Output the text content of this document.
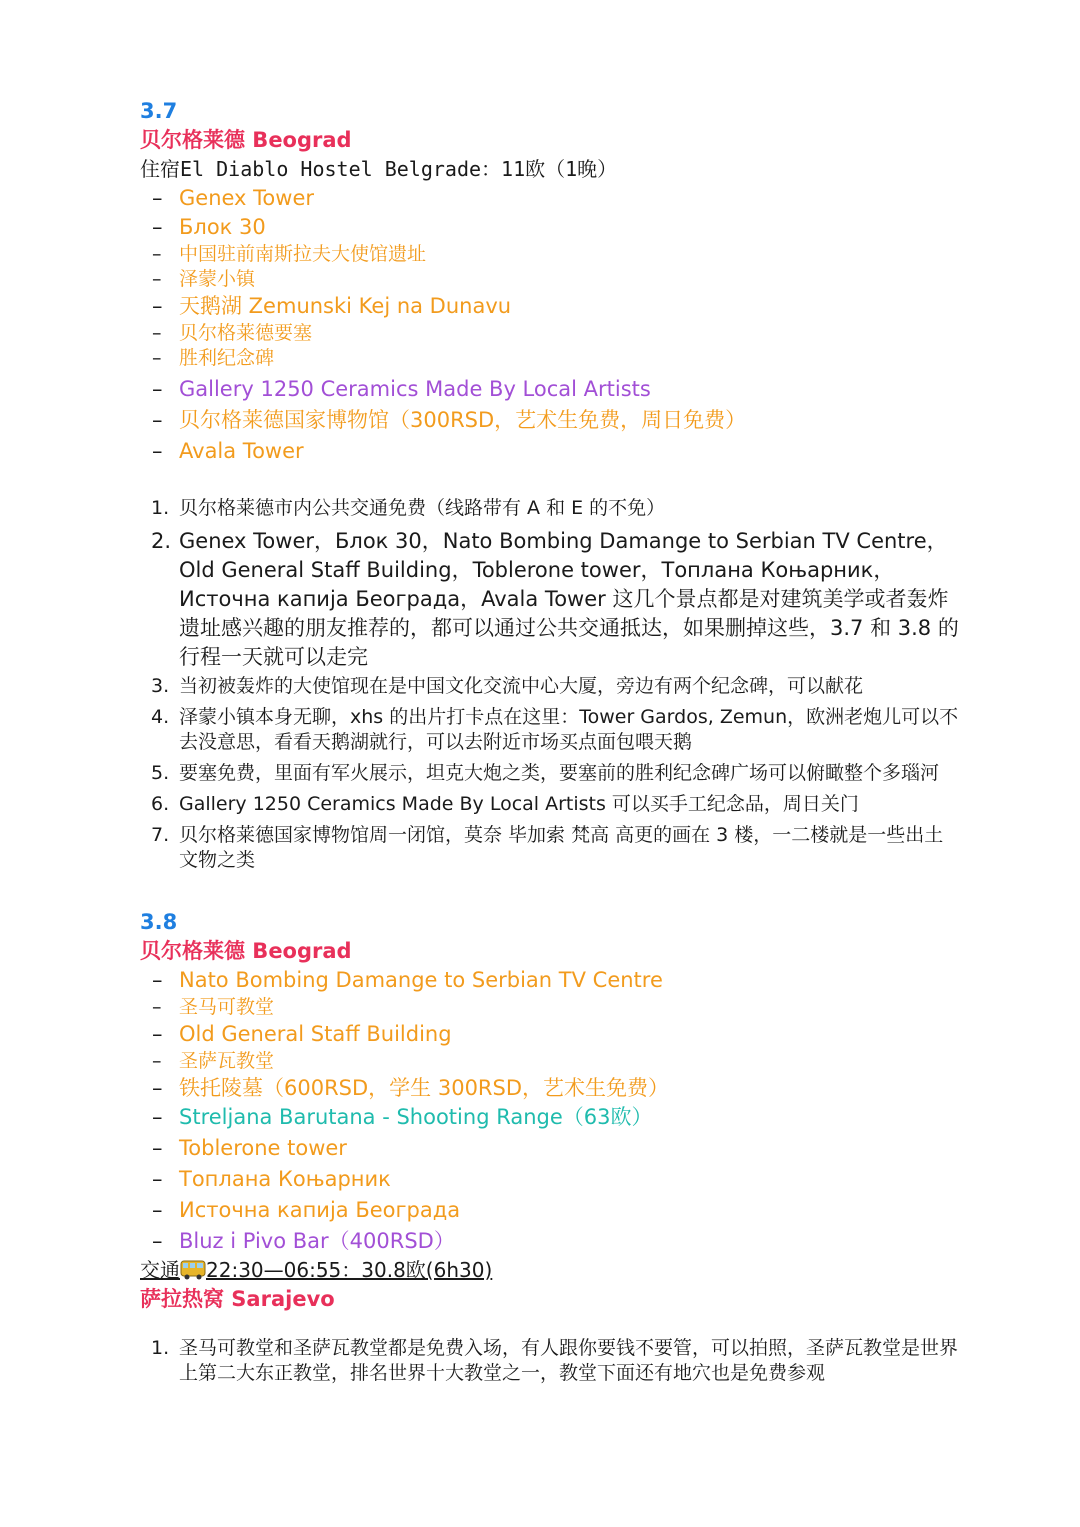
3.7
贝尔格莱德 Beograd
住宿El Diablo Hostel Belgrade：11欧（1晚）
– Genex Tower
– Блок 30
– 中国驻前南斯拉夫大使馆遗址
– 泽蒙小镇
– 天鹅湖 Zemunski Kej na Dunavu
– 贝尔格莱德要塞
– 胜利纪念碑
– Gallery 1250 Ceramics Made By Local Artists
– 贝尔格莱德国家博物馆（300RSD，艺术生免费，周日免费）
– Avala Tower
1. 贝尔格莱德市内公共交通免费（线路带有 A 和 E 的不免）
2. Genex Tower，Блок 30，Nato Bombing Damange to Serbian TV Centre，Old General Staff Building，Toblerone tower，Топлана Коњарник，Источна капија Београда，Avala Tower 这几个景点都是对建筑美学或者轰炸遗址感兴趣的朋友推荐的，都可以通过公共交通抵达，如果删掉这些，3.7 和 3.8 的行程一天就可以走完
3. 当初被轰炸的大使馆现在是中国文化交流中心大厦，旁边有两个纪念碑，可以献花
4. 泽蒙小镇本身无聊，xhs 的出片打卡点在这里：Tower Gardos, Zemun，欧洲老炮儿可以不去没意思，看看天鹅湖就行，可以去附近市场买点面包喂天鹅
5. 要塞免费，里面有军火展示，坦克大炮之类，要塞前的胜利纪念碑广场可以俯瞰整个多瑙河
6. Gallery 1250 Ceramics Made By Local Artists 可以买手工纪念品，周日关门
7. 贝尔格莱德国家博物馆周一闭馆，莫奈 毕加索 梵高 高更的画在 3 楼，一二楼就是一些出土文物之类
3.8
贝尔格莱德 Beograd
– Nato Bombing Damange to Serbian TV Centre
– 圣马可教堂
– Old General Staff Building
– 圣萨瓦教堂
– 铁托陵墓（600RSD，学生 300RSD，艺术生免费）
– Streljana Barutana - Shooting Range（63欧）
– Toblerone tower
– Топлана Коњарник
– Источна капија Београда
– Bluz i Pivo Bar（400RSD）
交通 22:30—06:55：30.8欧(6h30)
萨拉热窝 Sarajevo
1. 圣马可教堂和圣萨瓦教堂都是免费入场，有人跟你要钱不要管，可以拍照，圣萨瓦教堂是世界上第二大东正教堂，排名世界十大教堂之一，教堂下面还有地穴也是免费参观
